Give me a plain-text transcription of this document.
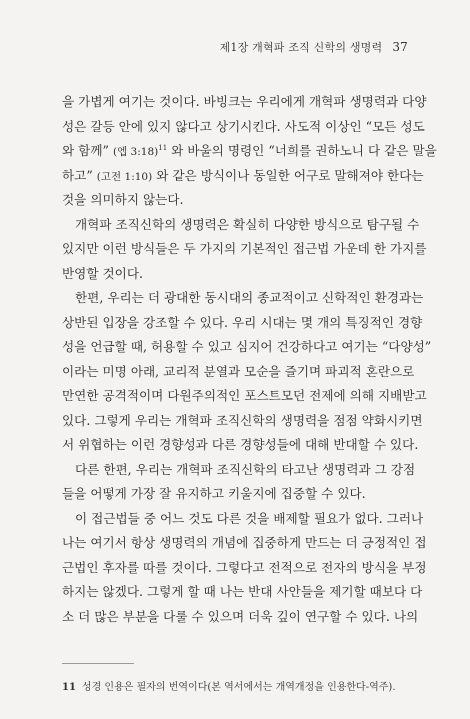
제1장 개혁파 조직 신학의 생명력 37
을 가볍게 여기는 것이다. 바빙크는 우리에게 개혁파 생명력과 다양
성은 갈등 안에 있지 않다고 상기시킨다. 사도적 이상인 “모든 성도
와 함께” (엡 3:18)$^{11}$ 와 바울의 명령인 “너희를 권하노니 다 같은 말을
하고” (고전 1:10) 와 같은 방식이나 동일한 어구로 말해져야 한다는
것을 의미하지 않는다.
개혁파 조직신학의 생명력은 확실히 다양한 방식으로 탐구될 수
있지만 이런 방식들은 두 가지의 기본적인 접근법 가운데 한 가지를
반영할 것이다.
한편, 우리는 더 광대한 동시대의 종교적이고 신학적인 환경과는
상반된 입장을 강조할 수 있다. 우리 시대는 몇 개의 특징적인 경향
성을 언급할 때, 허용할 수 있고 심지어 건강하다고 여기는 “다양성”
이라는 미명 아래, 교리적 분열과 모순을 즐기며 파괴적 혼란으로
만연한 공격적이며 다원주의적인 포스트모던 전제에 의해 지배받고
있다. 그렇게 우리는 개혁파 조직신학의 생명력을 점점 약화시키면
서 위협하는 이런 경향성과 다른 경향성들에 대해 반대할 수 있다.
다른 한편, 우리는 개혁파 조직신학의 타고난 생명력과 그 강점
들을 어떻게 가장 잘 유지하고 키울지에 집중할 수 있다.
이 접근법들 중 어느 것도 다른 것을 배제할 필요가 없다. 그러나
나는 여기서 항상 생명력의 개념에 집중하게 만드는 더 긍정적인 접
근법인 후자를 따를 것이다. 그렇다고 전적으로 전자의 방식을 부정
하지는 않겠다. 그렇게 할 때 나는 반대 사안들을 제기할 때보다 다
소 더 많은 부분을 다룰 수 있으며 더욱 깊이 연구할 수 있다. 나의
11 성경 인용은 필자의 번역이다(본 역서에서는 개역개정을 인용한다-역주).
